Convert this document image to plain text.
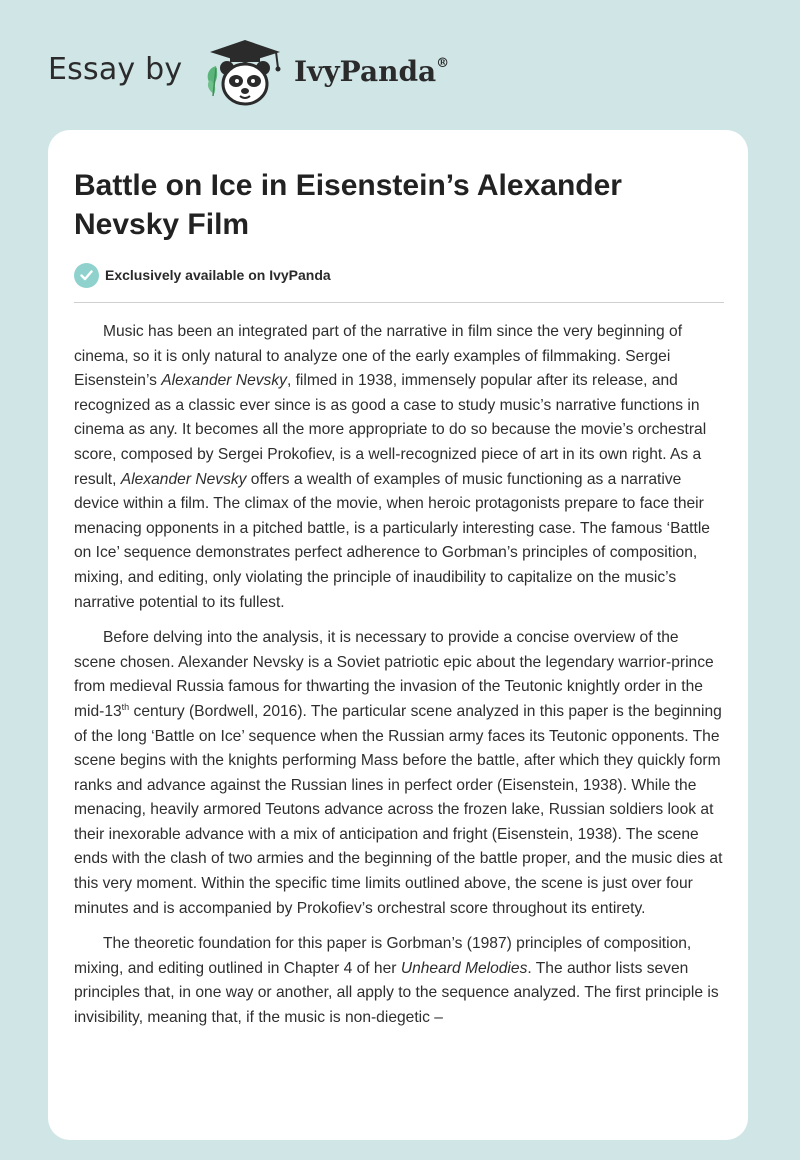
Essay by	IvyPanda®
Battle on Ice in Eisenstein’s Alexander Nevsky Film
Exclusively available on IvyPanda

Music has been an integrated part of the narrative in film since the very beginning of cinema, so it is only natural to analyze one of the early examples of filmmaking. Sergei Eisenstein’s Alexander Nevsky, filmed in 1938, immensely popular after its release, and recognized as a classic ever since is as good a case to study music’s narrative functions in cinema as any. It becomes all the more appropriate to do so because the movie’s orchestral score, composed by Sergei Prokofiev, is a well-recognized piece of art in its own right. As a result, Alexander Nevsky offers a wealth of examples of music functioning as a narrative device within a film. The climax of the movie, when heroic protagonists prepare to face their menacing opponents in a pitched battle, is a particularly interesting case. The famous ‘Battle on Ice’ sequence demonstrates perfect adherence to Gorbman’s principles of composition, mixing, and editing, only violating the principle of inaudibility to capitalize on the music’s narrative potential to its fullest.

Before delving into the analysis, it is necessary to provide a concise overview of the scene chosen. Alexander Nevsky is a Soviet patriotic epic about the legendary warrior-prince from medieval Russia famous for thwarting the invasion of the Teutonic knightly order in the mid-13th century (Bordwell, 2016). The particular scene analyzed in this paper is the beginning of the long ‘Battle on Ice’ sequence when the Russian army faces its Teutonic opponents. The scene begins with the knights performing Mass before the battle, after which they quickly form ranks and advance against the Russian lines in perfect order (Eisenstein, 1938). While the menacing, heavily armored Teutons advance across the frozen lake, Russian soldiers look at their inexorable advance with a mix of anticipation and fright (Eisenstein, 1938). The scene ends with the clash of two armies and the beginning of the battle proper, and the music dies at this very moment. Within the specific time limits outlined above, the scene is just over four minutes and is accompanied by Prokofiev’s orchestral score throughout its entirety.

The theoretic foundation for this paper is Gorbman’s (1987) principles of composition, mixing, and editing outlined in Chapter 4 of her Unheard Melodies. The author lists seven principles that, in one way or another, all apply to the sequence analyzed. The first principle is invisibility, meaning that, if the music is non-diegetic –
